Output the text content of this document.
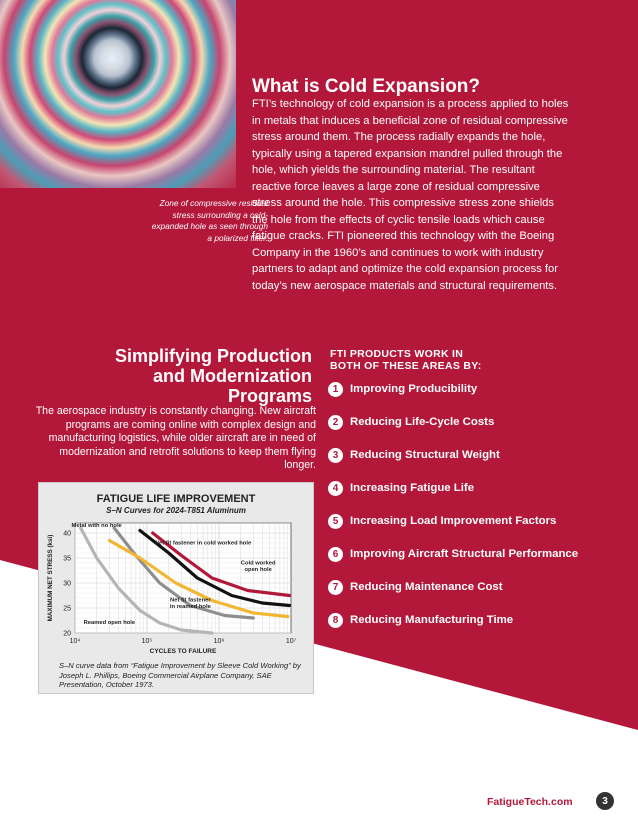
Zone of compressive residual stress surrounding a cold-expanded hole as seen through a polarized filter.
What is Cold Expansion?

FTI’s technology of cold expansion is a process applied to holes in metals that induces a beneficial zone of residual compressive stress around them. The process radially expands the hole, typically using a tapered expansion mandrel pulled through the hole, which yields the surrounding material. The resultant reactive force leaves a large zone of residual compressive stress around the hole. This compressive stress zone shields the hole from the effects of cyclic tensile loads which cause fatigue cracks. FTI pioneered this technology with the Boeing Company in the 1960’s and continues to work with industry partners to adapt and optimize the cold expansion process for today’s new aerospace materials and structural requirements.

Simplifying Production
and Modernization
Programs

The aerospace industry is constantly changing. New aircraft programs are coming online with complex design and manufacturing logistics, while older aircraft are in need of modernization and retrofit solutions to keep them flying longer.

FTI PRODUCTS WORK IN
BOTH OF THESE AREAS BY:
1	Improving Producibility
2	Reducing Life-Cycle Costs
3	Reducing Structural Weight
4	Increasing Fatigue Life
5	Increasing Load Improvement Factors
6	Improving Aircraft Structural Performance
7	Reducing Maintenance Cost
8	Reducing Manufacturing Time
FATIGUE LIFE IMPROVEMENT
S–N Curves for 2024-T851 Aluminum
Metal with no hole
Net fit fastener in cold worked hole
Cold worked open hole
Net fit fastener in reamed hole
Reamed open hole
20
25
30
35
40
10⁴	10⁵	10⁶	10⁷
CYCLES TO FAILURE
MAXIMUM NET STRESS (ksi)
S–N curve data from “Fatigue Improvement by Sleeve Cold Working” by Joseph L. Phillips, Boeing Commercial Airplane Company, SAE Presentation, October 1973.
FatigueTech.com	3
